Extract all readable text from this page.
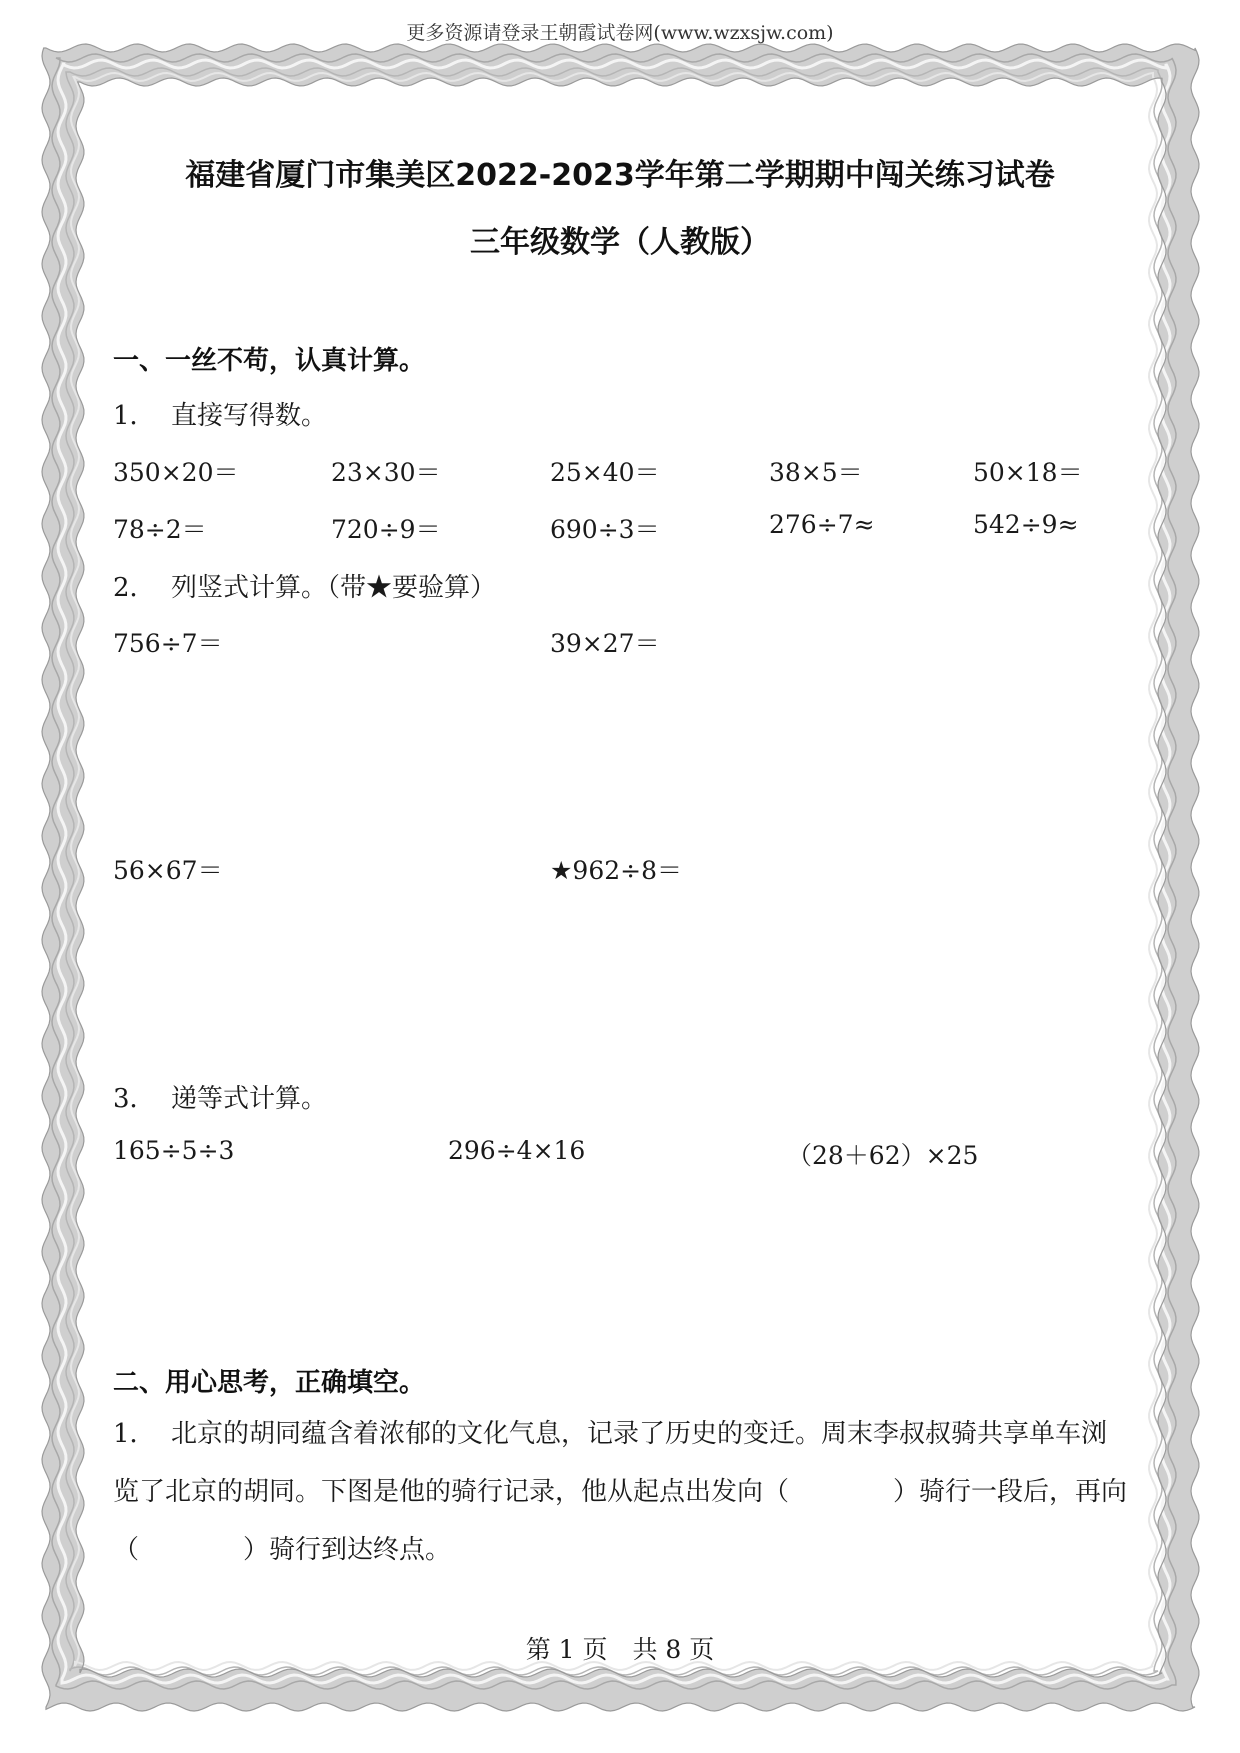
更多资源请登录王朝霞试卷网(www.wzxsjw.com)
福建省厦门市集美区2022-2023学年第二学期期中闯关练习试卷
三年级数学（人教版）
一、一丝不苟，认真计算。
1． 直接写得数。
350×20＝	23×30＝	25×40＝	38×5＝	50×18＝
78÷2＝	720÷9＝	690÷3＝	276÷7≈	542÷9≈
2． 列竖式计算。（带★要验算）
756÷7＝	39×27＝
56×67＝	★962÷8＝
3． 递等式计算。
165÷5÷3	296÷4×16	（28＋62）×25
二、用心思考，正确填空。
1． 北京的胡同蕴含着浓郁的文化气息，记录了历史的变迁。周末李叔叔骑共享单车浏览了北京的胡同。下图是他的骑行记录，他从起点出发向（	）骑行一段后，再向（	）骑行到达终点。
第 1 页　共 8 页
